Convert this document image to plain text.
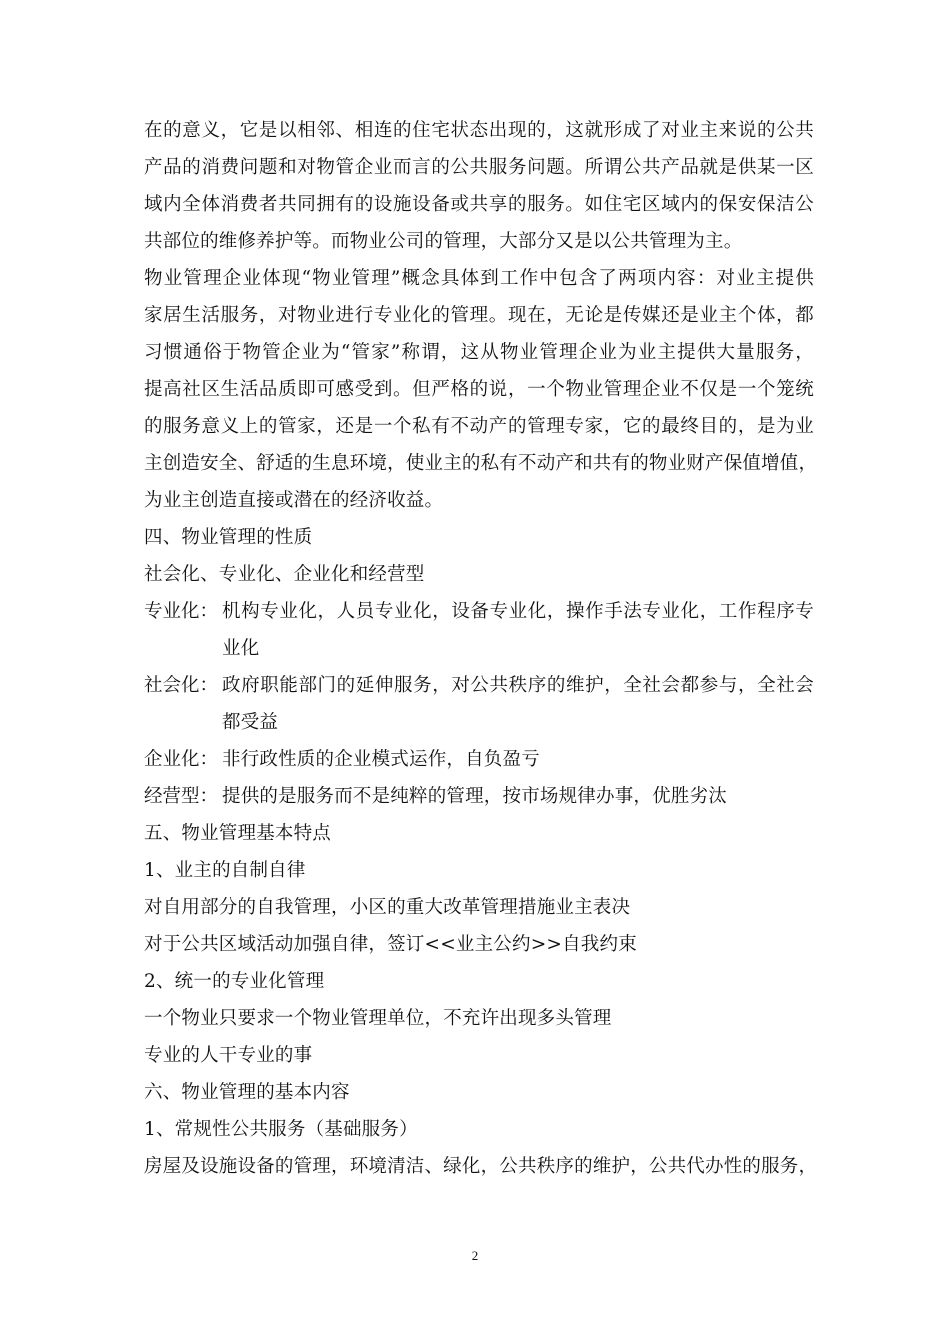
在的意义，它是以相邻、相连的住宅状态出现的，这就形成了对业主来说的公共
产品的消费问题和对物管企业而言的公共服务问题。所谓公共产品就是供某一区
域内全体消费者共同拥有的设施设备或共享的服务。如住宅区域内的保安保洁公
共部位的维修养护等。而物业公司的管理，大部分又是以公共管理为主。
物业管理企业体现“物业管理”概念具体到工作中包含了两项内容：对业主提供
家居生活服务，对物业进行专业化的管理。现在，无论是传媒还是业主个体，都
习惯通俗于物管企业为“管家”称谓，这从物业管理企业为业主提供大量服务，
提高社区生活品质即可感受到。但严格的说，一个物业管理企业不仅是一个笼统
的服务意义上的管家，还是一个私有不动产的管理专家，它的最终目的，是为业
主创造安全、舒适的生息环境，使业主的私有不动产和共有的物业财产保值增值，
为业主创造直接或潜在的经济收益。
四、物业管理的性质
社会化、专业化、企业化和经营型
专业化： 机构专业化，人员专业化，设备专业化，操作手法专业化，工作程序专
业化
社会化： 政府职能部门的延伸服务，对公共秩序的维护，全社会都参与，全社会
都受益
企业化： 非行政性质的企业模式运作，自负盈亏
经营型： 提供的是服务而不是纯粹的管理，按市场规律办事，优胜劣汰
五、物业管理基本特点
1、业主的自制自律
对自用部分的自我管理，小区的重大改革管理措施业主表决
对于公共区域活动加强自律，签订<<业主公约>>自我约束
2、统一的专业化管理
一个物业只要求一个物业管理单位，不充许出现多头管理
专业的人干专业的事
六、物业管理的基本内容
1、常规性公共服务（基础服务）
房屋及设施设备的管理，环境清洁、绿化，公共秩序的维护，公共代办性的服务，
2
